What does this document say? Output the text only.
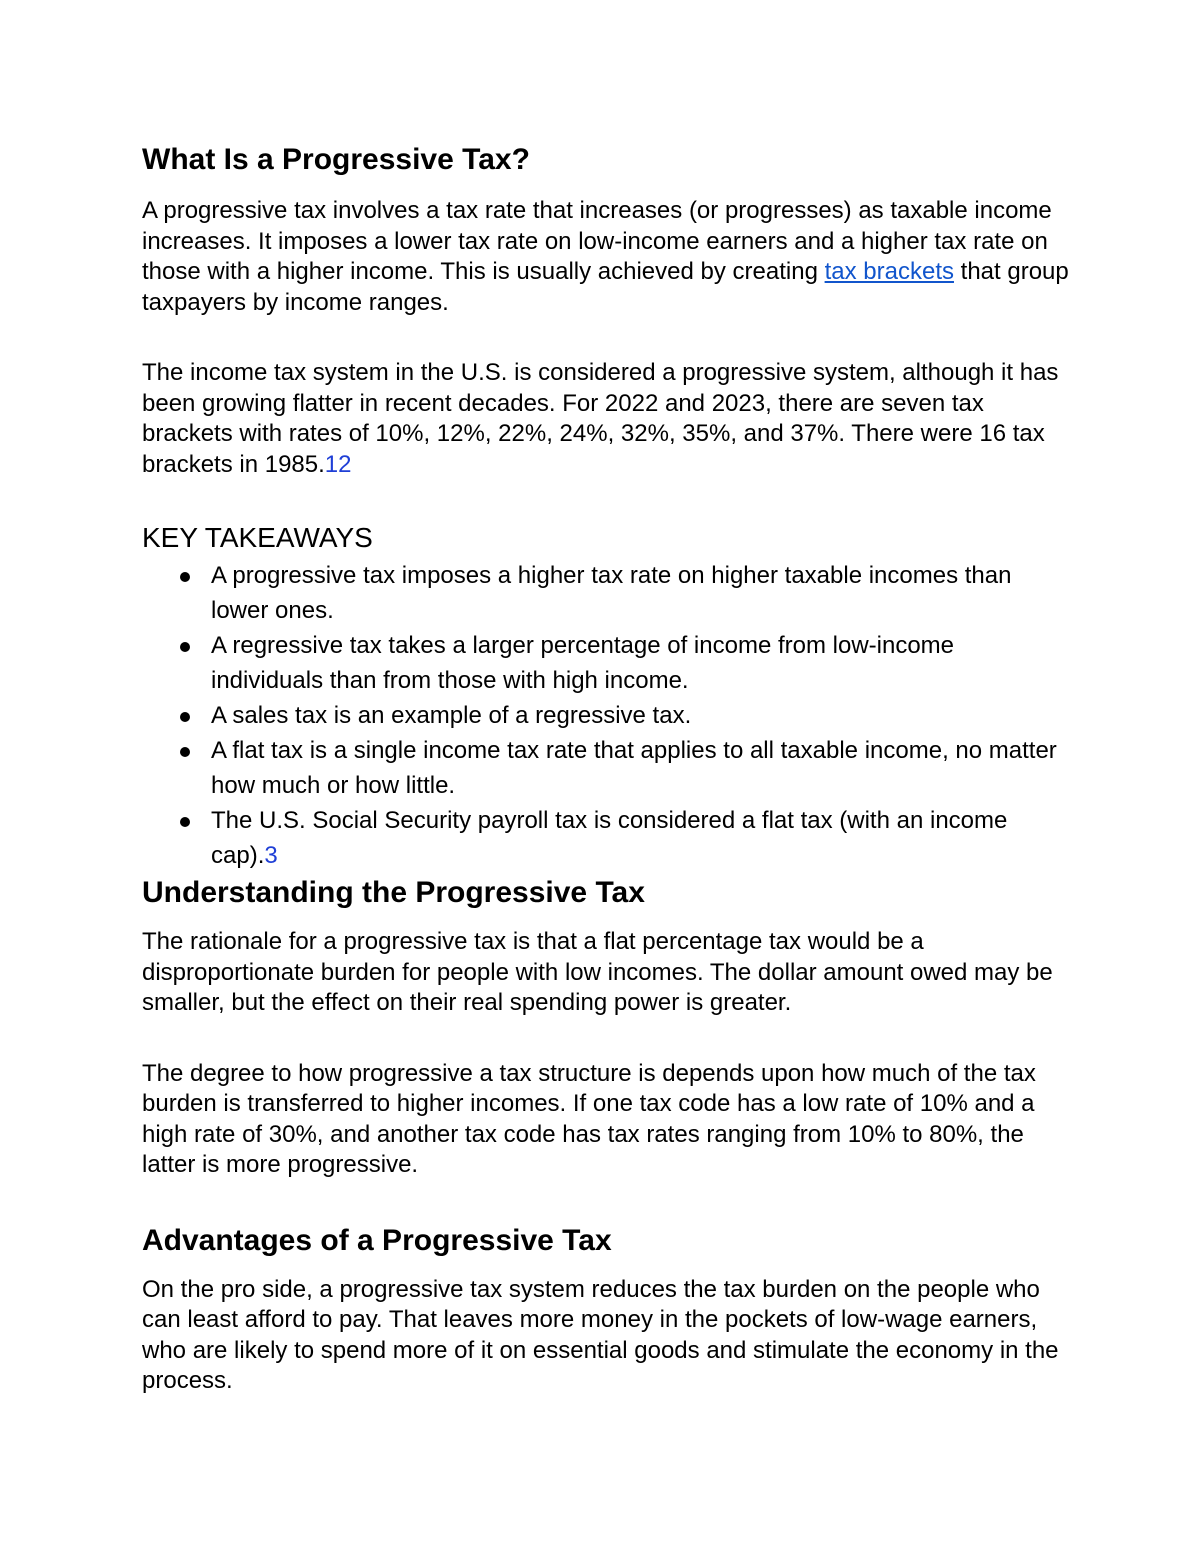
What Is a Progressive Tax?

A progressive tax involves a tax rate that increases (or progresses) as taxable income increases. It imposes a lower tax rate on low-income earners and a higher tax rate on those with a higher income. This is usually achieved by creating tax brackets that group taxpayers by income ranges.

The income tax system in the U.S. is considered a progressive system, although it has been growing flatter in recent decades. For 2022 and 2023, there are seven tax brackets with rates of 10%, 12%, 22%, 24%, 32%, 35%, and 37%. There were 16 tax brackets in 1985.12

KEY TAKEAWAYS
A progressive tax imposes a higher tax rate on higher taxable incomes than lower ones.
A regressive tax takes a larger percentage of income from low-income individuals than from those with high income.
A sales tax is an example of a regressive tax.
A flat tax is a single income tax rate that applies to all taxable income, no matter how much or how little.
The U.S. Social Security payroll tax is considered a flat tax (with an income cap).3
Understanding the Progressive Tax

The rationale for a progressive tax is that a flat percentage tax would be a disproportionate burden for people with low incomes. The dollar amount owed may be smaller, but the effect on their real spending power is greater.

The degree to how progressive a tax structure is depends upon how much of the tax burden is transferred to higher incomes. If one tax code has a low rate of 10% and a high rate of 30%, and another tax code has tax rates ranging from 10% to 80%, the latter is more progressive.

Advantages of a Progressive Tax

On the pro side, a progressive tax system reduces the tax burden on the people who can least afford to pay. That leaves more money in the pockets of low-wage earners, who are likely to spend more of it on essential goods and stimulate the economy in the process.
